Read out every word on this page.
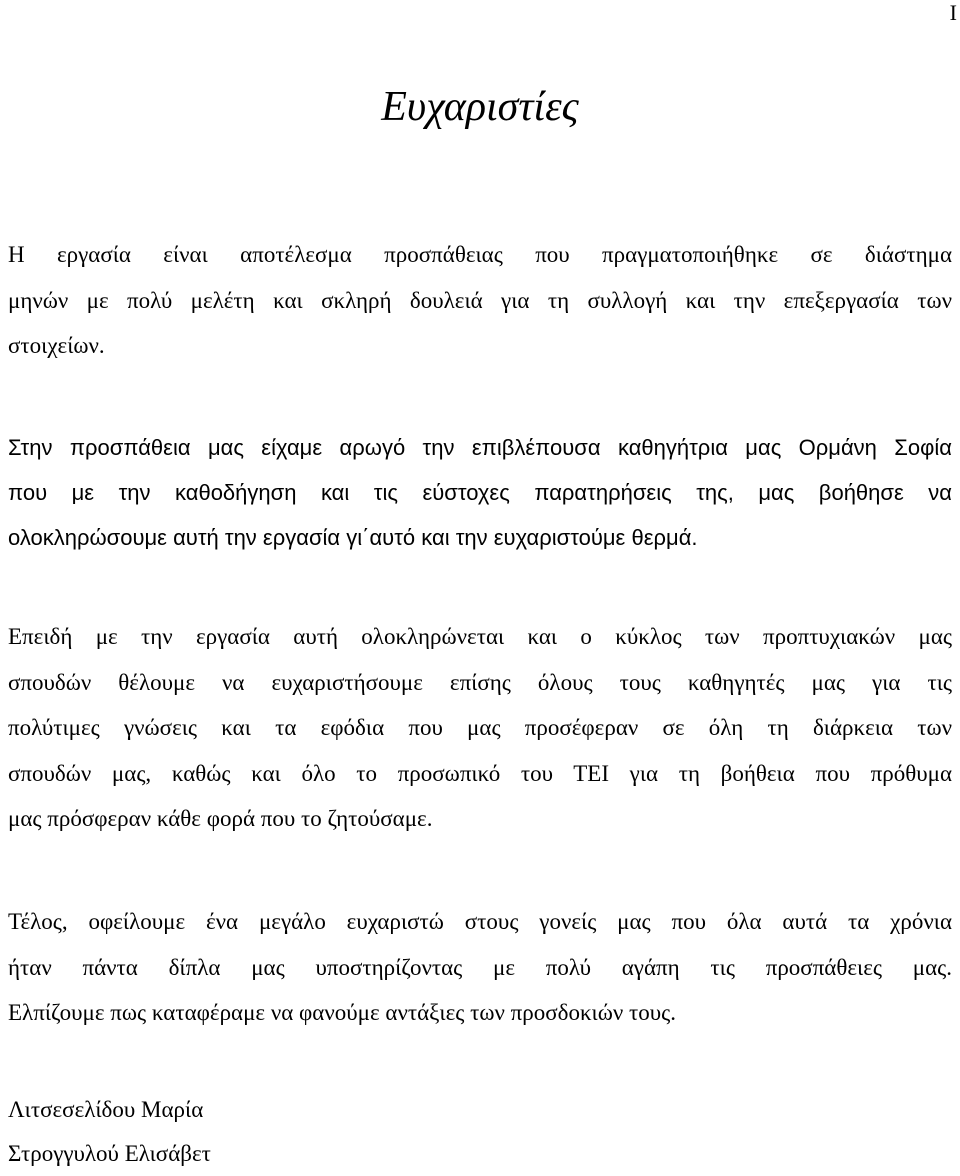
I
Ευχαριστίες
Η εργασία είναι αποτέλεσμα προσπάθειας που πραγματοποιήθηκε σε διάστημα
μηνών με πολύ μελέτη και σκληρή δουλειά για τη συλλογή και την επεξεργασία των
στοιχείων.
Στην προσπάθεια μας είχαμε αρωγό την επιβλέπουσα καθηγήτρια μας Ορμάνη Σοφία
που με την καθοδήγηση και τις εύστοχες παρατηρήσεις της, μας βοήθησε να
ολοκληρώσουμε αυτή την εργασία γι΄αυτό και την ευχαριστούμε θερμά.
Επειδή με την εργασία αυτή ολοκληρώνεται και ο κύκλος των προπτυχιακών μας
σπουδών θέλουμε να ευχαριστήσουμε επίσης όλους τους καθηγητές μας για τις
πολύτιμες γνώσεις και τα εφόδια που μας προσέφεραν σε όλη τη διάρκεια των
σπουδών μας, καθώς και όλο το προσωπικό του ΤΕΙ για τη βοήθεια που πρόθυμα
μας πρόσφεραν κάθε φορά που το ζητούσαμε.
Τέλος, οφείλουμε ένα μεγάλο ευχαριστώ στους γονείς μας που όλα αυτά τα χρόνια
ήταν πάντα δίπλα μας υποστηρίζοντας με πολύ αγάπη τις προσπάθειες μας.
Ελπίζουμε πως καταφέραμε να φανούμε αντάξιες των προσδοκιών τους.
Λιτσεσελίδου Μαρία
Στρογγυλού Ελισάβετ
